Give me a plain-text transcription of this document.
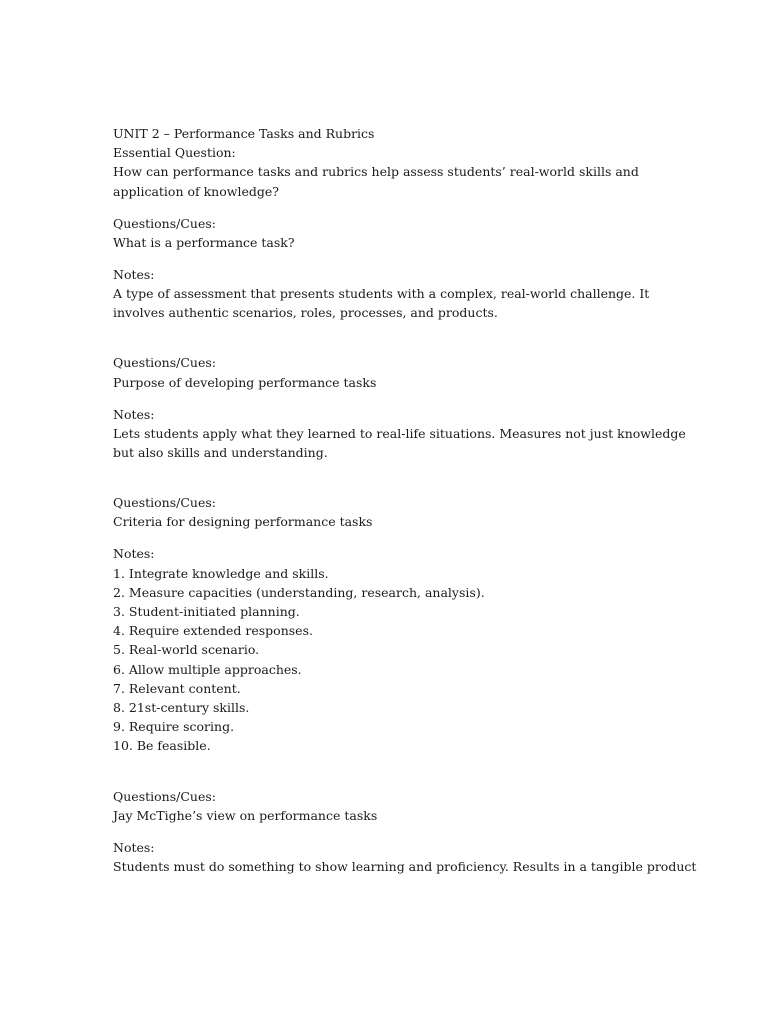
UNIT 2 – Performance Tasks and Rubrics

Essential Question:

How can performance tasks and rubrics help assess students’ real-world skills and

application of knowledge?

Questions/Cues:

What is a performance task?

Notes:

A type of assessment that presents students with a complex, real-world challenge. It

involves authentic scenarios, roles, processes, and products.

Questions/Cues:

Purpose of developing performance tasks

Notes:

Lets students apply what they learned to real-life situations. Measures not just knowledge

but also skills and understanding.

Questions/Cues:

Criteria for designing performance tasks

Notes:

1. Integrate knowledge and skills.
2. Measure capacities (understanding, research, analysis).
3. Student-initiated planning.
4. Require extended responses.
5. Real-world scenario.
6. Allow multiple approaches.
7. Relevant content.
8. 21st-century skills.
9. Require scoring.
10. Be feasible.

Questions/Cues:

Jay McTighe’s view on performance tasks

Notes:

Students must do something to show learning and proficiency. Results in a tangible product
